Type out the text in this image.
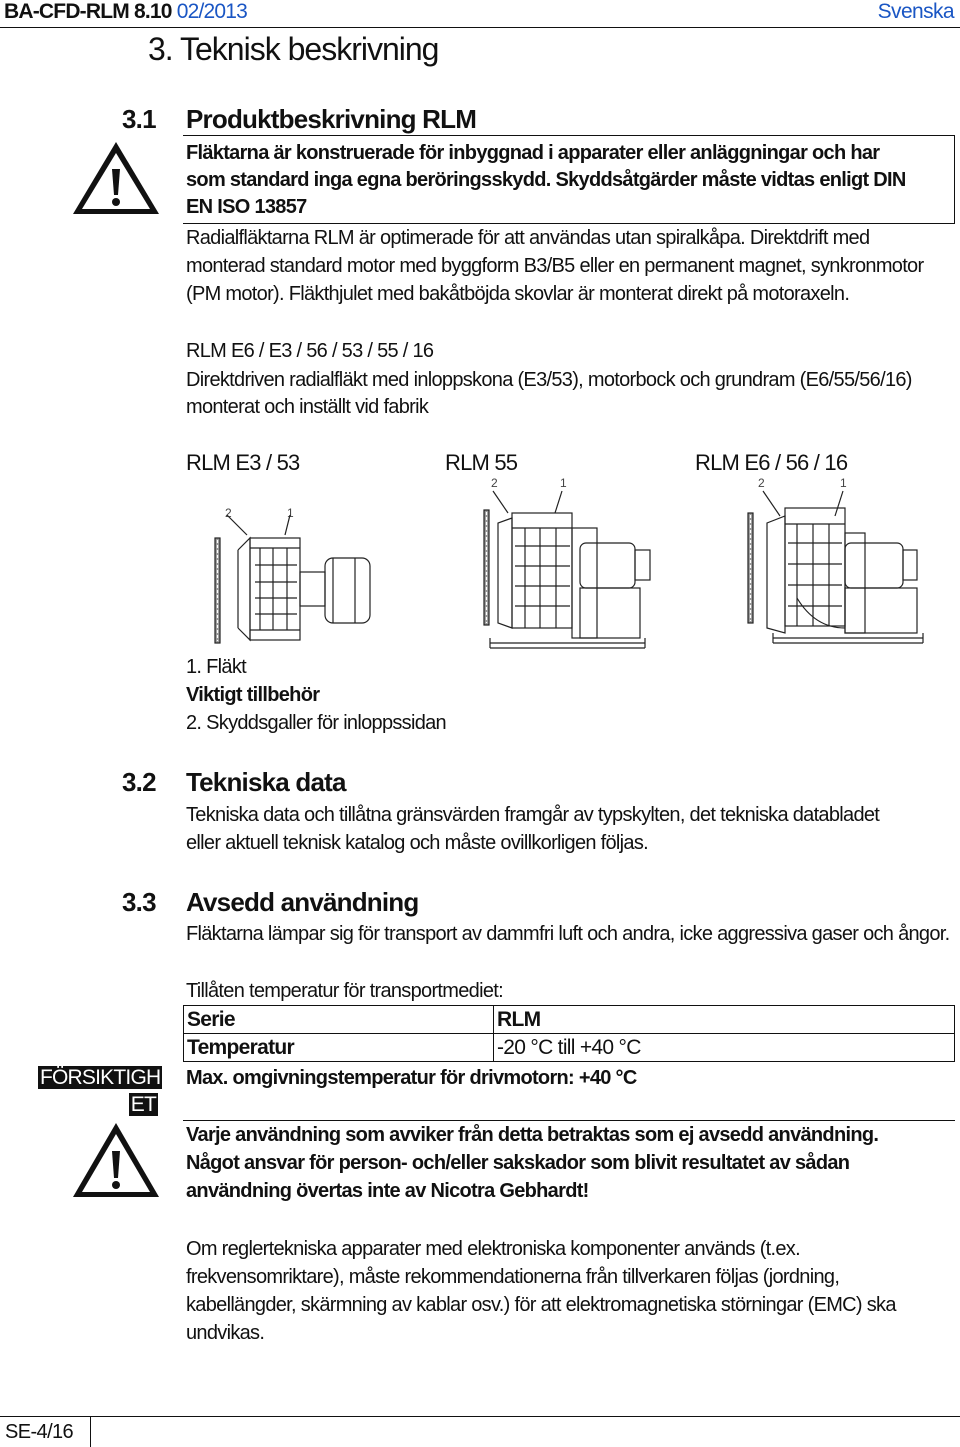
BA-CFD-RLM 8.10 02/2013	Svenska
3. Teknisk beskrivning
3.1 Produktbeskrivning RLM
Fläktarna är konstruerade för inbyggnad i apparater eller anläggningar och har
som standard inga egna beröringsskydd. Skyddsåtgärder måste vidtas enligt DIN
EN ISO 13857
Radialfläktarna RLM är optimerade för att användas utan spiralkåpa. Direktdrift med
monterad standard motor med byggform B3/B5 eller en permanent magnet, synkronmotor
(PM motor). Fläkthjulet med bakåtböjda skovlar är monterat direkt på motoraxeln.
RLM E6 / E3 / 56 / 53 / 55 / 16
Direktdriven radialfläkt med inloppskona (E3/53), motorbock och grundram (E6/55/56/16)
monterat och inställt vid fabrik
RLM E3 / 53	RLM 55	RLM E6 / 56 / 16
2	1
2	1	2	1
1. Fläkt
Viktigt tillbehör
2. Skyddsgaller för inloppssidan
3.2 Tekniska data
Tekniska data och tillåtna gränsvärden framgår av typskylten, det tekniska databladet
eller aktuell teknisk katalog och måste ovillkorligen följas.
3.3 Avsedd användning
Fläktarna lämpar sig för transport av dammfri luft och andra, icke aggressiva gaser och ångor.
Tillåten temperatur för transportmediet:
Serie	RLM
Temperatur	-20 °C till +40 °C
Max. omgivningstemperatur för drivmotorn: +40 °C
FÖRSIKTIGH
ET
Varje användning som avviker från detta betraktas som ej avsedd användning.
Något ansvar för person- och/eller sakskador som blivit resultatet av sådan
användning övertas inte av Nicotra Gebhardt!
Om reglertekniska apparater med elektroniska komponenter används (t.ex.
frekvensomriktare), måste rekommendationerna från tillverkaren följas (jordning,
kabellängder, skärmning av kablar osv.) för att elektromagnetiska störningar (EMC) ska
undvikas.
SE-4/16
